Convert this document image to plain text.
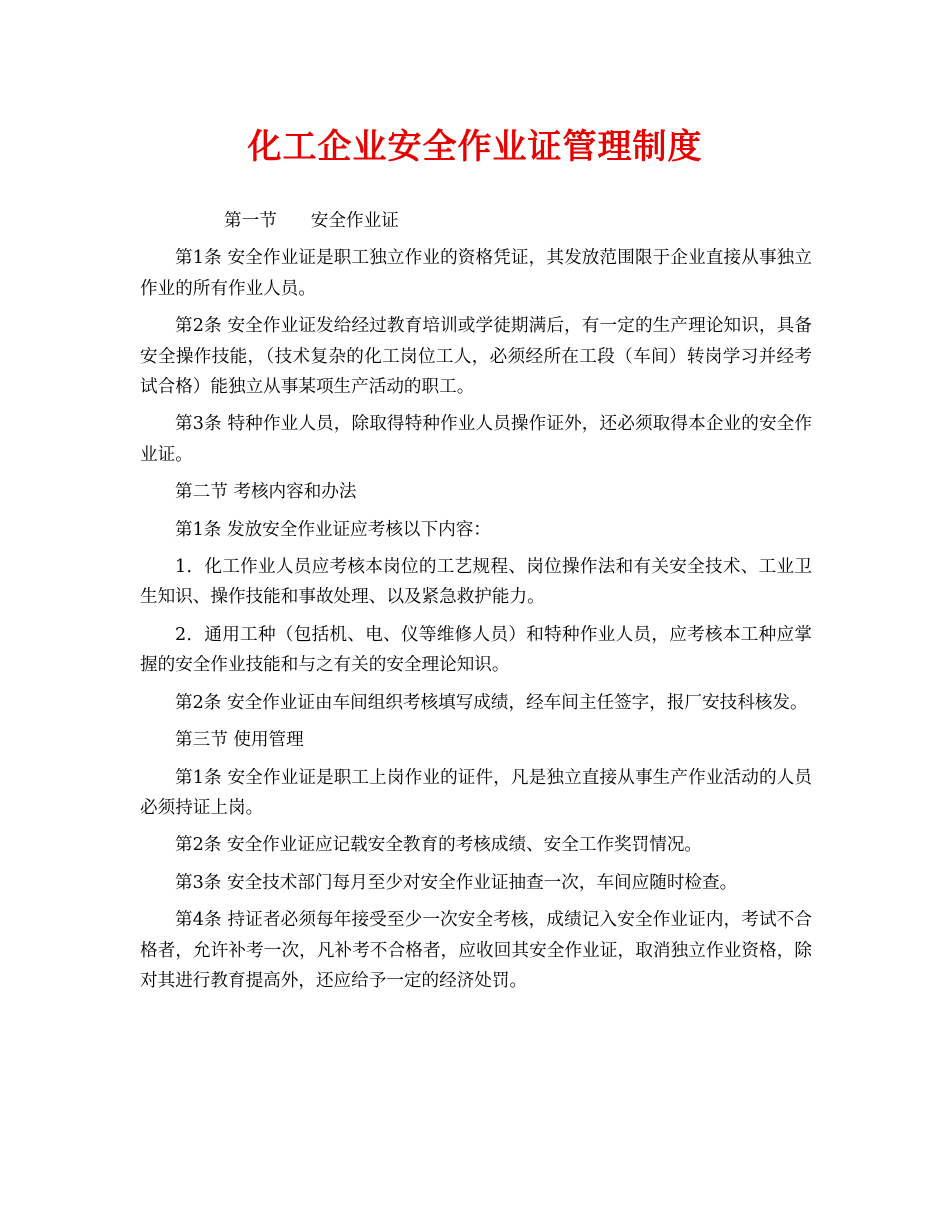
化工企业安全作业证管理制度

第一节 安全作业证

第1条 安全作业证是职工独立作业的资格凭证，其发放范围限于企业直接从事独立作业的所有作业人员。

第2条 安全作业证发给经过教育培训或学徒期满后，有一定的生产理论知识，具备安全操作技能，（技术复杂的化工岗位工人，必须经所在工段（车间）转岗学习并经考试合格）能独立从事某项生产活动的职工。

第3条 特种作业人员，除取得特种作业人员操作证外，还必须取得本企业的安全作业证。

第二节 考核内容和办法

第1条 发放安全作业证应考核以下内容：

1．化工作业人员应考核本岗位的工艺规程、岗位操作法和有关安全技术、工业卫生知识、操作技能和事故处理、以及紧急救护能力。

2．通用工种（包括机、电、仪等维修人员）和特种作业人员，应考核本工种应掌握的安全作业技能和与之有关的安全理论知识。

第2条 安全作业证由车间组织考核填写成绩，经车间主任签字，报厂安技科核发。

第三节 使用管理

第1条 安全作业证是职工上岗作业的证件，凡是独立直接从事生产作业活动的人员必须持证上岗。

第2条 安全作业证应记载安全教育的考核成绩、安全工作奖罚情况。

第3条 安全技术部门每月至少对安全作业证抽查一次，车间应随时检查。

第4条 持证者必须每年接受至少一次安全考核，成绩记入安全作业证内，考试不合格者，允许补考一次，凡补考不合格者，应收回其安全作业证，取消独立作业资格，除对其进行教育提高外，还应给予一定的经济处罚。
